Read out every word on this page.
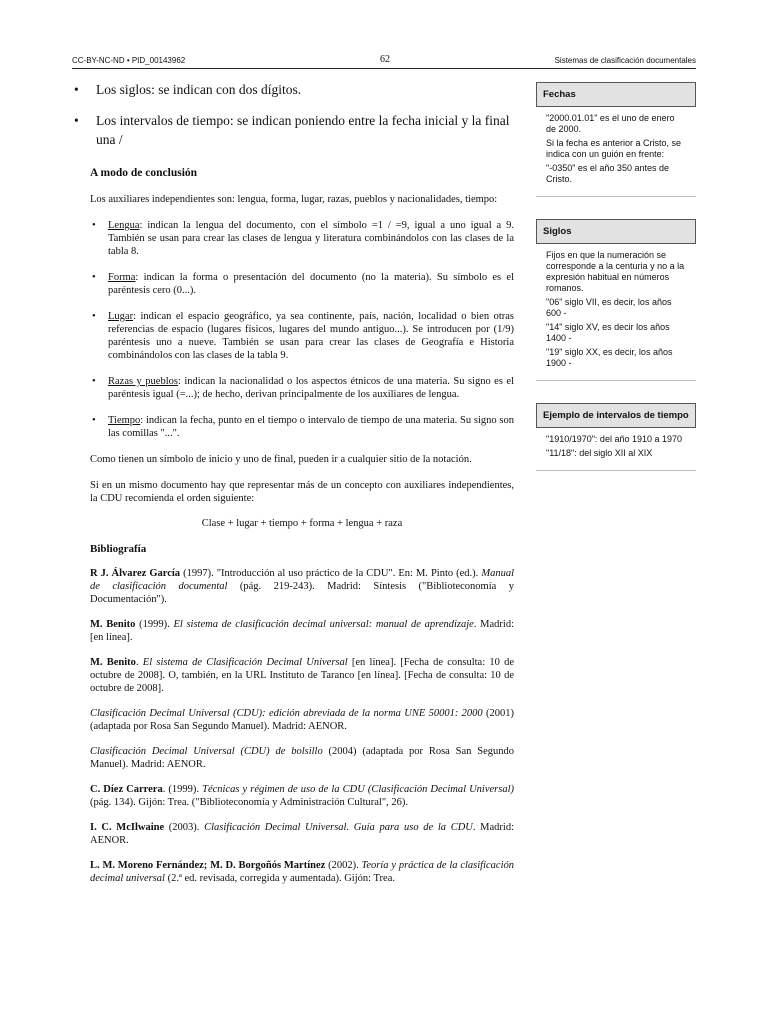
CC-BY-NC-ND • PID_00143962	62	Sistemas de clasificación documentales
• Los siglos: se indican con dos dígitos.
• Los intervalos de tiempo: se indican poniendo entre la fecha inicial y la final una /
A modo de conclusión

Los auxiliares independientes son: lengua, forma, lugar, razas, pueblos y nacionalidades, tiempo:

• Lengua: indican la lengua del documento, con el símbolo =1 / =9, igual a uno igual a 9. También se usan para crear las clases de lengua y literatura combinándolos con las clases de la tabla 8.
• Forma: indican la forma o presentación del documento (no la materia). Su símbolo es el paréntesis cero (0...).
• Lugar: indican el espacio geográfico, ya sea continente, país, nación, localidad o bien otras referencias de espacio (lugares físicos, lugares del mundo antiguo...). Se introducen por (1/9) paréntesis uno a nueve. También se usan para crear las clases de Geografía e Historia combinándolos con las clases de la tabla 9.
• Razas y pueblos: indican la nacionalidad o los aspectos étnicos de una materia. Su signo es el paréntesis igual (=...); de hecho, derivan principalmente de los auxiliares de lengua.
• Tiempo: indican la fecha, punto en el tiempo o intervalo de tiempo de una materia. Su signo son las comillas "...".

Como tienen un símbolo de inicio y uno de final, pueden ir a cualquier sitio de la notación.

Si en un mismo documento hay que representar más de un concepto con auxiliares independientes, la CDU recomienda el orden siguiente:

Clase + lugar + tiempo + forma + lengua + raza
Bibliografía

R J. Álvarez García (1997). "Introducción al uso práctico de la CDU". En: M. Pinto (ed.). Manual de clasificación documental (pág. 219-243). Madrid: Síntesis ("Biblioteconomía y Documentación").

M. Benito (1999). El sistema de clasificación decimal universal: manual de aprendizaje. Madrid: [en línea].

M. Benito. El sistema de Clasificación Decimal Universal [en línea]. [Fecha de consulta: 10 de octubre de 2008]. O, también, en la URL Instituto de Taranco [en línea]. [Fecha de consulta: 10 de octubre de 2008].

Clasificación Decimal Universal (CDU): edición abreviada de la norma UNE 50001: 2000 (2001) (adaptada por Rosa San Segundo Manuel). Madrid: AENOR.

Clasificación Decimal Universal (CDU) de bolsillo (2004) (adaptada por Rosa San Segundo Manuel). Madrid: AENOR.

C. Díez Carrera. (1999). Técnicas y régimen de uso de la CDU (Clasificación Decimal Universal) (pág. 134). Gijón: Trea. ("Biblioteconomía y Administración Cultural", 26).

I. C. McIlwaine (2003). Clasificación Decimal Universal. Guía para uso de la CDU. Madrid: AENOR.

L. M. Moreno Fernández; M. D. Borgoñós Martínez (2002). Teoría y práctica de la clasificación decimal universal (2.ª ed. revisada, corregida y aumentada). Gijón: Trea.

Fechas

"2000.01.01" es el uno de enero de 2000.

Si la fecha es anterior a Cristo, se indica con un guión en frente:

"-0350" es el año 350 antes de Cristo.

Siglos

Fijos en que la numeración se corresponde a la centuria y no a la expresión habitual en números romanos.

"06" siglo VII, es decir, los años 600 -

"14" siglo XV, es decir los años 1400 -

"19" siglo XX, es decir, los años 1900 -

Ejemplo de intervalos de tiempo

"1910/1970": del año 1910 a 1970

"11/18": del siglo XII al XIX
